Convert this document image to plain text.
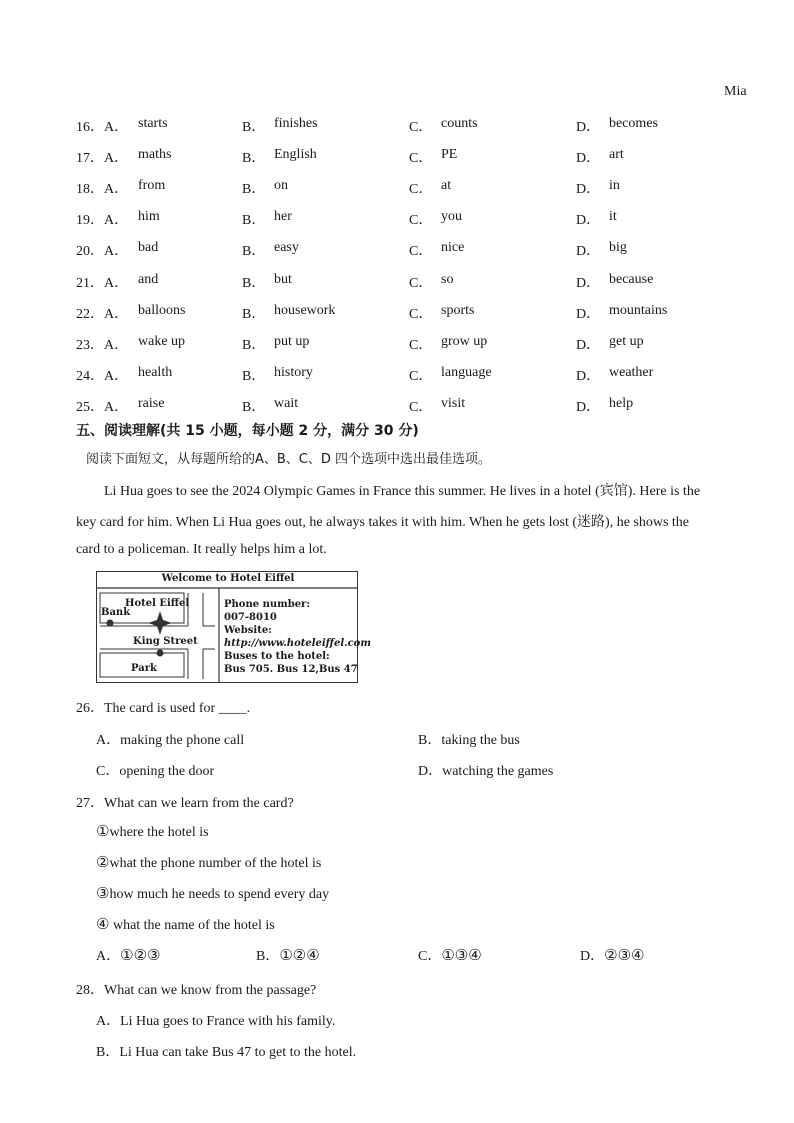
Mia
16．A． starts	B． finishes	C． counts	D． becomes
17．A． maths	B． English	C． PE	D． art
18．A． from	B． on	C． at	D． in
19．A． him	B． her	C． you	D． it
20．A． bad	B． easy	C． nice	D． big
21．A． and	B． but	C． so	D． because
22．A． balloons	B． housework	C． sports	D． mountains
23．A． wake up	B． put up	C． grow up	D． get up
24．A． health	B． history	C． language	D． weather
25．A． raise	B． wait	C． visit	D． help
五、阅读理解(共 15 小题，每小题 2 分，满分 30 分)
阅读下面短文，从每题所给的A、B、C、D 四个选项中选出最佳选项。
Li Hua goes to see the 2024 Olympic Games in France this summer. He lives in a hotel (宾馆). Here is the
key card for him. When Li Hua goes out, he always takes it with him. When he gets lost (迷路), he shows the
card to a policeman. It really helps him a lot.
Welcome to Hotel Eiffel
Hotel Eiffel
Bank
King Street
Park
Phone number:
007-8010
Website:
http://www.hoteleiffel.com
Buses to the hotel:
Bus 705. Bus 12,Bus 47
26．The card is used for ____.
A．making the phone call	B．taking the bus
C．opening the door	D．watching the games
27．What can we learn from the card?
①where the hotel is
②what the phone number of the hotel is
③how much he needs to spend every day
④ what the name of the hotel is
A．①②③	B．①②④	C．①③④	D．②③④
28．What can we know from the passage?
A．Li Hua goes to France with his family.
B．Li Hua can take Bus 47 to get to the hotel.
